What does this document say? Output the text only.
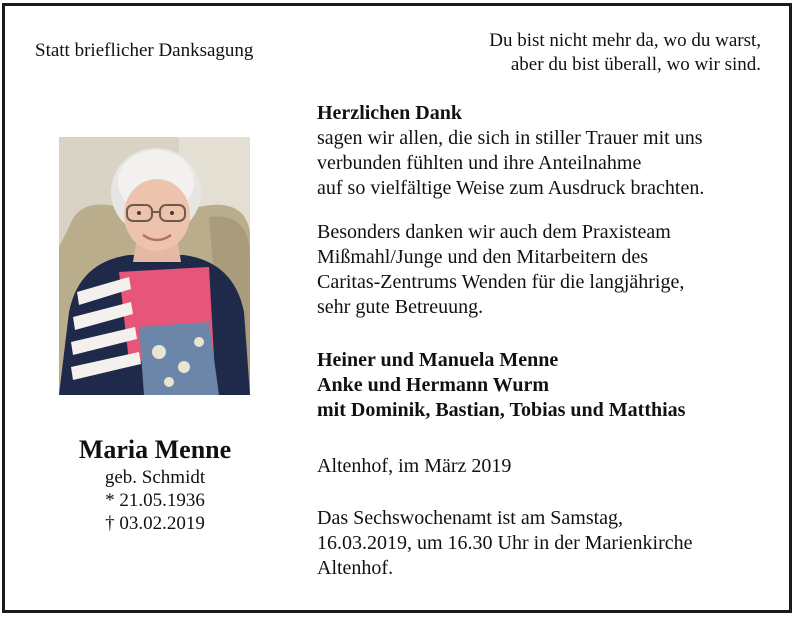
Statt brieflicher Danksagung	Du bist nicht mehr da, wo du warst,
aber du bist überall, wo wir sind.
Maria Menne
geb. Schmidt
* 21.05.1936
† 03.02.2019
Herzlichen Dank
sagen wir allen, die sich in stiller Trauer mit uns
verbunden fühlten und ihre Anteilnahme
auf so vielfältige Weise zum Ausdruck brachten.
Besonders danken wir auch dem Praxisteam
Mißmahl/Junge und den Mitarbeitern des
Caritas-Zentrums Wenden für die langjährige,
sehr gute Betreuung.
Heiner und Manuela Menne
Anke und Hermann Wurm
mit Dominik, Bastian, Tobias und Matthias
Altenhof, im März 2019
Das Sechswochenamt ist am Samstag,
16.03.2019, um 16.30 Uhr in der Marienkirche
Altenhof.
